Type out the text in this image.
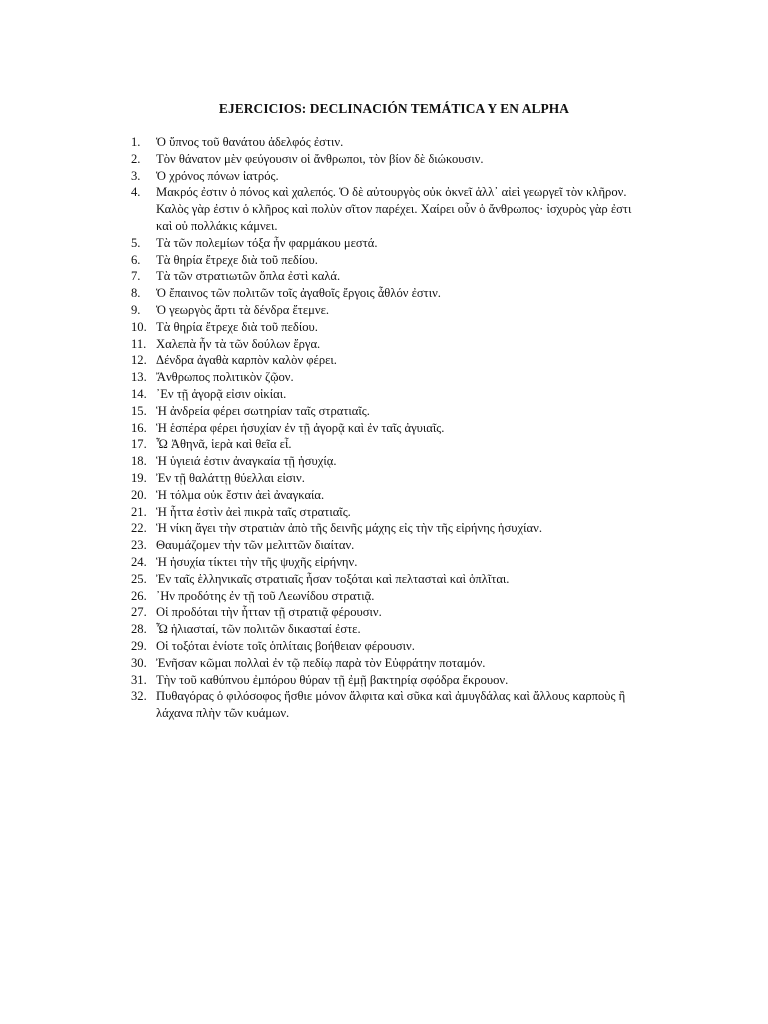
EJERCICIOS: DECLINACIÓN TEMÁTICA Y EN ALPHA
1. Ὁ ὕπνος τοῦ θανάτου ἀδελφός ἐστιν.
2. Τὸν θάνατον μὲν φεύγουσιν οἱ ἄνθρωποι, τὸν βίον δὲ διώκουσιν.
3. Ὁ χρόνος πόνων ἰατρός.
4. Μακρός ἐστιν ὁ πόνος καὶ χαλεπός. Ὁ δὲ αὐτουργὸς οὐκ ὀκνεῖ ἀλλ᾽ αἰεὶ γεωργεῖ τὸν κλῆρον. Καλὸς γὰρ ἐστιν ὁ κλῆρος καὶ πολὺν σῖτον παρέχει. Χαίρει οὖν ὁ ἄνθρωπος· ἰσχυρὸς γὰρ ἐστι καὶ οὐ πολλάκις κάμνει.
5. Τὰ τῶν πολεμίων τόξα ἦν φαρμάκου μεστά.
6. Τὰ θηρία ἔτρεχε διὰ τοῦ πεδίου.
7. Τὰ τῶν στρατιωτῶν ὅπλα ἐστὶ καλά.
8. Ὁ ἔπαινος τῶν πολιτῶν τοῖς ἀγαθοῖς ἔργοις ἆθλόν ἐστιν.
9. Ὁ γεωργὸς ἄρτι τὰ δένδρα ἔτεμνε.
10. Τὰ θηρία ἔτρεχε διὰ τοῦ πεδίου.
11. Χαλεπὰ ἦν τὰ τῶν δούλων ἔργα.
12. Δένδρα ἀγαθὰ καρπὸν καλὸν φέρει.
13. Ἄνθρωπος πολιτικὸν ζῷον.
14. ᾽Εν τῇ ἀγορᾷ εἰσιν οἰκίαι.
15. Ἡ ἀνδρεία φέρει σωτηρίαν ταῖς στρατιαῖς.
16. Ἡ ἑσπέρα φέρει ἡσυχίαν ἐν τῇ ἀγορᾷ καὶ ἐν ταῖς ἀγυιαῖς.
17. Ὦ Ἀθηνᾶ, ἱερὰ καὶ θεῖα εἶ.
18. Ἡ ὑγιειά ἐστιν ἀναγκαία τῇ ἡσυχίᾳ.
19. Ἐν τῇ θαλάττῃ θύελλαι εἰσιν.
20. Ἡ τόλμα οὐκ ἔστιν ἀεὶ ἀναγκαία.
21. Ἡ ἧττα ἐστὶν ἀεὶ πικρὰ ταῖς στρατιαῖς.
22. Ἡ νίκη ἄγει τὴν στρατιὰν ἀπὸ τῆς δεινῆς μάχης εἰς τὴν τῆς εἰρήνης ἡσυχίαν.
23. Θαυμάζομεν τὴν τῶν μελιττῶν διαίταν.
24. Ἡ ἡσυχία τίκτει τὴν τῆς ψυχῆς εἰρήνην.
25. Ἐν ταῖς ἑλληνικαῖς στρατιαῖς ἦσαν τοξόται καὶ πελτασταὶ καὶ ὁπλῖται.
26. ᾽Ην προδότης ἐν τῇ τοῦ Λεωνίδου στρατιᾷ.
27. Οἱ προδόται τὴν ἧτταν τῇ στρατιᾷ φέρουσιν.
28. Ὦ ἡλιασταί, τῶν πολιτῶν δικασταί ἐστε.
29. Οἱ τοξόται ἐνίοτε τοῖς ὁπλίταις βοήθειαν φέρουσιν.
30. Ἐνῆσαν κῶμαι πολλαὶ ἐν τῷ πεδίῳ παρὰ τὸν Εὐφράτην ποταμόν.
31. Τὴν τοῦ καθύπνου ἐμπόρου θύραν τῇ ἐμῇ βακτηρίᾳ σφόδρα ἔκρουον.
32. Πυθαγόρας ὁ φιλόσοφος ἤσθιε μόνον ἄλφιτα καὶ σῦκα καὶ ἀμυγδάλας καὶ ἄλλους καρποὺς ἢ λάχανα πλὴν τῶν κυάμων.
